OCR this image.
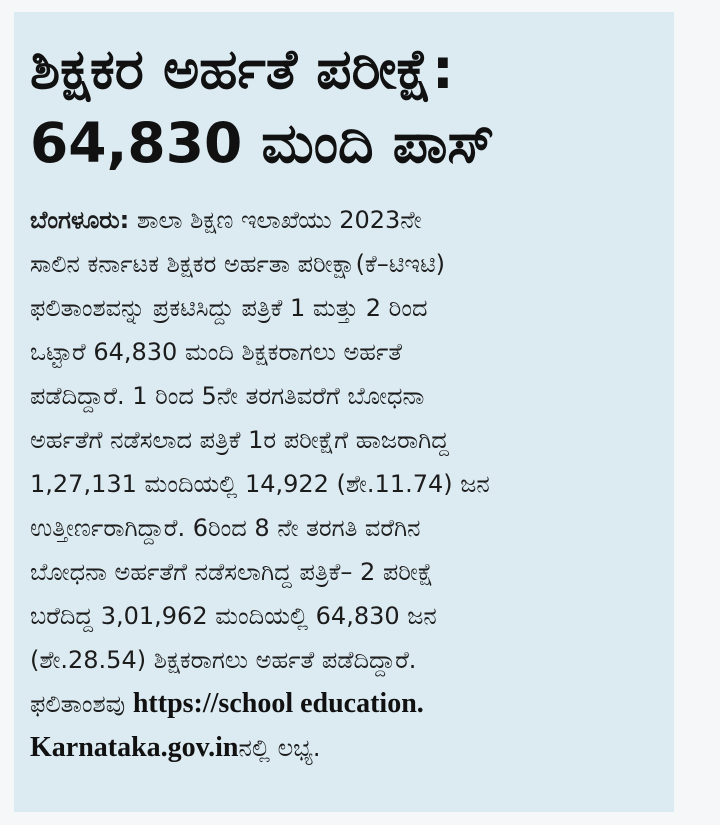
ಶಿಕ್ಷಕರ ಅರ್ಹತೆ ಪರೀಕ್ಷೆ:
64,830 ಮಂದಿ ಪಾಸ್

ಬೆಂಗಳೂರು: ಶಾಲಾ ಶಿಕ್ಷಣ ಇಲಾಖೆಯು 2023ನೇ

ಸಾಲಿನ ಕರ್ನಾಟಕ ಶಿಕ್ಷಕರ ಅರ್ಹತಾ ಪರೀಕ್ಷಾ(ಕೆ–ಟಿಇಟಿ)

ಫಲಿತಾಂಶವನ್ನು ಪ್ರಕಟಿಸಿದ್ದು ಪತ್ರಿಕೆ 1 ಮತ್ತು 2 ರಿಂದ

ಒಟ್ಟಾರೆ 64,830 ಮಂದಿ ಶಿಕ್ಷಕರಾಗಲು ಅರ್ಹತೆ

ಪಡೆದಿದ್ದಾರೆ. 1 ರಿಂದ 5ನೇ ತರಗತಿವರೆಗೆ ಬೋಧನಾ

ಅರ್ಹತೆಗೆ ನಡೆಸಲಾದ ಪತ್ರಿಕೆ 1ರ ಪರೀಕ್ಷೆಗೆ ಹಾಜರಾಗಿದ್ದ

1,27,131 ಮಂದಿಯಲ್ಲಿ 14,922 (ಶೇ.11.74) ಜನ

ಉತ್ತೀರ್ಣರಾಗಿದ್ದಾರೆ. 6ರಿಂದ 8 ನೇ ತರಗತಿ ವರೆಗಿನ

ಬೋಧನಾ ಅರ್ಹತೆಗೆ ನಡೆಸಲಾಗಿದ್ದ ಪತ್ರಿಕೆ– 2 ಪರೀಕ್ಷೆ

ಬರೆದಿದ್ದ 3,01,962 ಮಂದಿಯಲ್ಲಿ 64,830 ಜನ

(ಶೇ.28.54) ಶಿಕ್ಷಕರಾಗಲು ಅರ್ಹತೆ ಪಡೆದಿದ್ದಾರೆ.

ಫಲಿತಾಂಶವು https://school education.

Karnataka.gov.inನಲ್ಲಿ ಲಭ್ಯ.
